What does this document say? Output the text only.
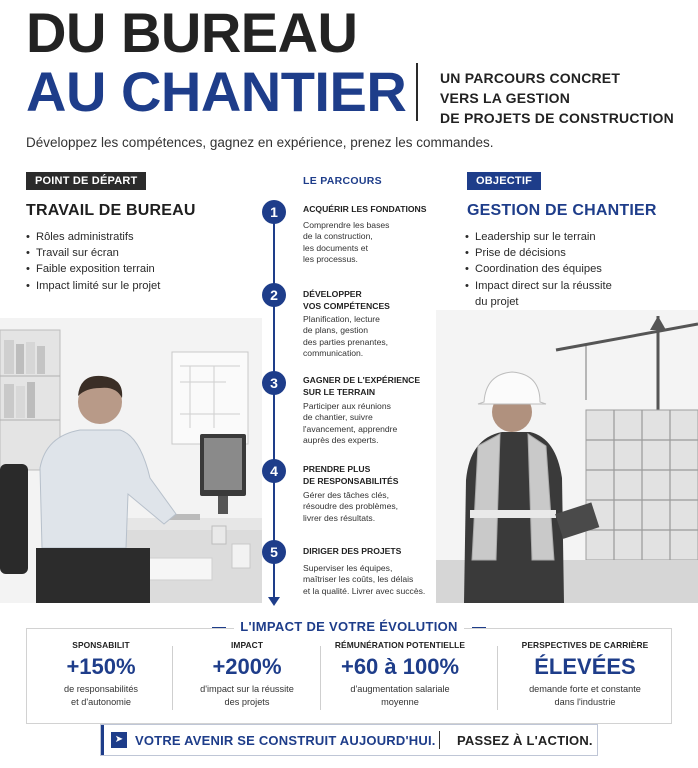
DU BUREAU
AU CHANTIER UN PARCOURS CONCRET
VERS LA GESTION
DE PROJETS DE CONSTRUCTION
Développez les compétences, gagnez en expérience, prenez les commandes.
POINT DE DÉPART	LE PARCOURS	OBJECTIF
TRAVAIL DE BUREAU	GESTION DE CHANTIER
• Rôles administratifs
• Travail sur écran
• Faible exposition terrain
• Impact limité sur le projet
• Leadership sur le terrain
• Prise de décisions
• Coordination des équipes
• Impact direct sur la réussite
du projet
1	ACQUÉRIR LES FONDATIONS
Comprendre les bases
de la construction,
les documents et
les processus.
2	DÉVELOPPER
VOS COMPÉTENCES
Planification, lecture
de plans, gestion
des parties prenantes,
communication.
3	GAGNER DE L'EXPÉRIENCE
SUR LE TERRAIN
Participer aux réunions
de chantier, suivre
l'avancement, apprendre
auprès des experts.
4	PRENDRE PLUS
DE RESPONSABILITÉS
Gérer des tâches clés,
résoudre des problèmes,
livrer des résultats.
5	DIRIGER DES PROJETS
Superviser les équipes,
maîtriser les coûts, les délais
et la qualité. Livrer avec succès.
L'IMPACT DE VOTRE ÉVOLUTION
SPONSABILIT
+150%
de responsabilités
et d'autonomie
IMPACT
+200%
d'impact sur la réussite
des projets
RÉMUNÉRATION POTENTIELLE
+60 à 100%
d'augmentation salariale
moyenne
PERSPECTIVES DE CARRIÈRE
ÉLEVÉES
demande forte et constante
dans l'industrie
➤ VOTRE AVENIR SE CONSTRUIT AUJOURD'HUI. PASSEZ À L'ACTION.
